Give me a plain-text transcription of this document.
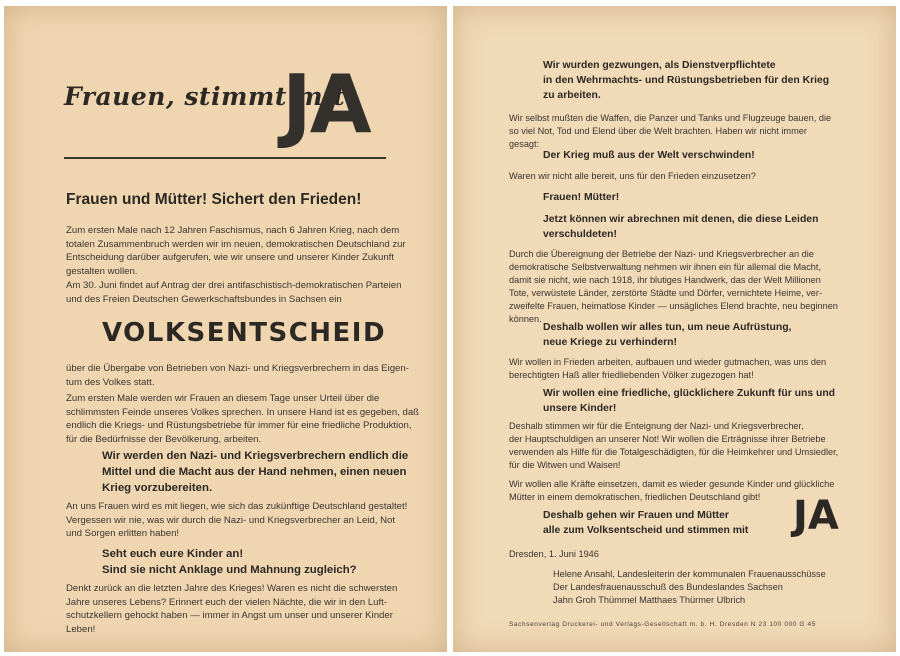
Frauen, stimmt mit
JA
Frauen und Mütter! Sichert den Frieden!

Zum ersten Male nach 12 Jahren Faschismus, nach 6 Jahren Krieg, nach dem
totalen Zusammenbruch werden wir im neuen, demokratischen Deutschland zur
Entscheidung darüber aufgerufen, wie wir unsere und unserer Kinder Zukunft
gestalten wollen.

Am 30. Juni findet auf Antrag der drei antifaschistisch-demokratischen Parteien
und des Freien Deutschen Gewerkschaftsbundes in Sachsen ein

VOLKSENTSCHEID

über die Übergabe von Betrieben von Nazi- und Kriegsverbrechern in das Eigen-
tum des Volkes statt.

Zum ersten Male werden wir Frauen an diesem Tage unser Urteil über die
schlimmsten Feinde unseres Volkes sprechen. In unsere Hand ist es gegeben, daß
endlich die Kriegs- und Rüstungsbetriebe für immer für eine friedliche Produktion,
für die Bedürfnisse der Bevölkerung, arbeiten.

Wir werden den Nazi- und Kriegsverbrechern endlich die
Mittel und die Macht aus der Hand nehmen, einen neuen
Krieg vorzubereiten.

An uns Frauen wird es mit liegen, wie sich das zukünftige Deutschland gestaltet!
Vergessen wir nie, was wir durch die Nazi- und Kriegsverbrecher an Leid, Not
und Sorgen erlitten haben!

Seht euch eure Kinder an!
Sind sie nicht Anklage und Mahnung zugleich?

Denkt zurück an die letzten Jahre des Krieges! Waren es nicht die schwersten
Jahre unseres Lebens? Erinnert euch der vielen Nächte, die wir in den Luft-
schutzkellern gehockt haben — immer in Angst um unser und unserer Kinder
Leben!

Wir wurden gezwungen, als Dienstverpflichtete
in den Wehrmachts- und Rüstungsbetrieben für den Krieg
zu arbeiten.

Wir selbst mußten die Waffen, die Panzer und Tanks und Flugzeuge bauen, die
so viel Not, Tod und Elend über die Welt brachten. Haben wir nicht immer
gesagt:

Der Krieg muß aus der Welt verschwinden!

Waren wir nicht alle bereit, uns für den Frieden einzusetzen?

Frauen! Mütter!

Jetzt können wir abrechnen mit denen, die diese Leiden
verschuldeten!

Durch die Übereignung der Betriebe der Nazi- und Kriegsverbrecher an die
demokratische Selbstverwaltung nehmen wir ihnen ein für allemal die Macht,
damit sie nicht, wie nach 1918, ihr blutiges Handwerk, das der Welt Millionen
Tote, verwüstete Länder, zerstörte Städte und Dörfer, vernichtete Heime, ver-
zweifelte Frauen, heimatlose Kinder — unsägliches Elend brachte, neu beginnen
können.

Deshalb wollen wir alles tun, um neue Aufrüstung,
neue Kriege zu verhindern!

Wir wollen in Frieden arbeiten, aufbauen und wieder gutmachen, was uns den
berechtigten Haß aller friedliebenden Völker zugezogen hat!

Wir wollen eine friedliche, glücklichere Zukunft für uns und
unsere Kinder!

Deshalb stimmen wir für die Enteignung der Nazi- und Kriegsverbrecher,
der Hauptschuldigen an unserer Not! Wir wollen die Erträgnisse ihrer Betriebe
verwenden als Hilfe für die Totalgeschädigten, für die Heimkehrer und Umsiedler,
für die Witwen und Waisen!

Wir wollen alle Kräfte einsetzen, damit es wieder gesunde Kinder und glückliche
Mütter in einem demokratischen, friedlichen Deutschland gibt!

Deshalb gehen wir Frauen und Mütter
alle zum Volksentscheid und stimmen mit JA

Dresden, 1. Juni 1946

Helene Ansahl, Landesleiterin der kommunalen Frauenausschüsse
Der Landesfrauenausschuß des Bundeslandes Sachsen
Jahn Groh Thümmel Matthaes Thürmer Ulbrich

Sachsenverlag Druckerei- und Verlags-Gesellschaft m. b. H. Dresden N 23 100 000 G 45
